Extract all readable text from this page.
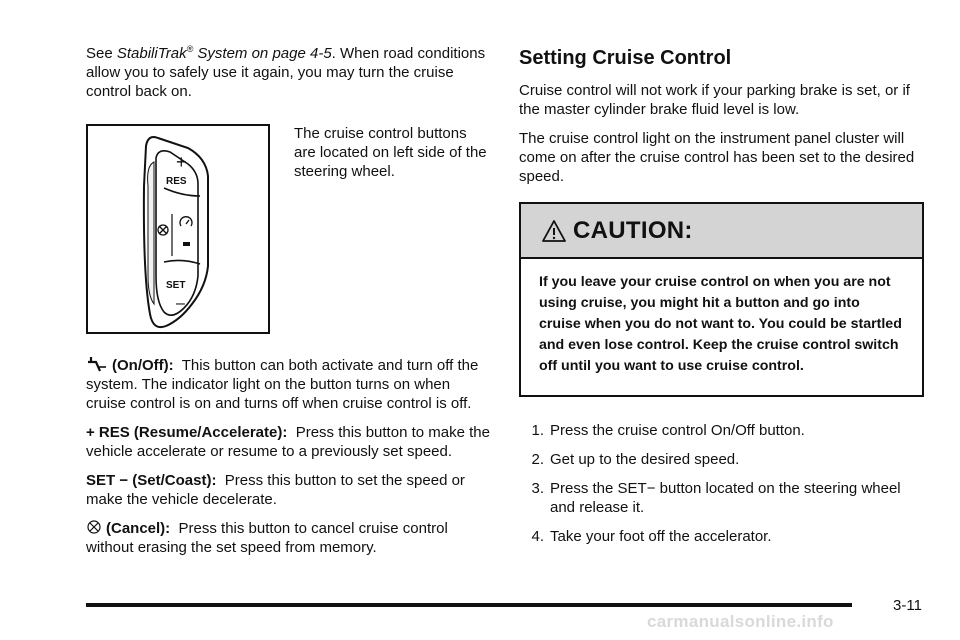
See StabiliTrak® System on page 4-5. When road conditions allow you to safely use it again, you may turn the cruise control back on.

+
RES
SET
–

The cruise control buttons are located on left side of the steering wheel.

(On/Off): This button can both activate and turn off the system. The indicator light on the button turns on when cruise control is on and turns off when cruise control is off.

+ RES (Resume/Accelerate): Press this button to make the vehicle accelerate or resume to a previously set speed.

SET − (Set/Coast): Press this button to set the speed or make the vehicle decelerate.

(Cancel): Press this button to cancel cruise control without erasing the set speed from memory.

Setting Cruise Control

Cruise control will not work if your parking brake is set, or if the master cylinder brake fluid level is low.

The cruise control light on the instrument panel cluster will come on after the cruise control has been set to the desired speed.

CAUTION:
If you leave your cruise control on when you are not using cruise, you might hit a button and go into cruise when you do not want to. You could be startled and even lose control. Keep the cruise control switch off until you want to use cruise control.
1. Press the cruise control On/Off button.
2. Get up to the desired speed.
3. Press the SET− button located on the steering wheel and release it.
4. Take your foot off the accelerator.
3-11
carmanualsonline.info
